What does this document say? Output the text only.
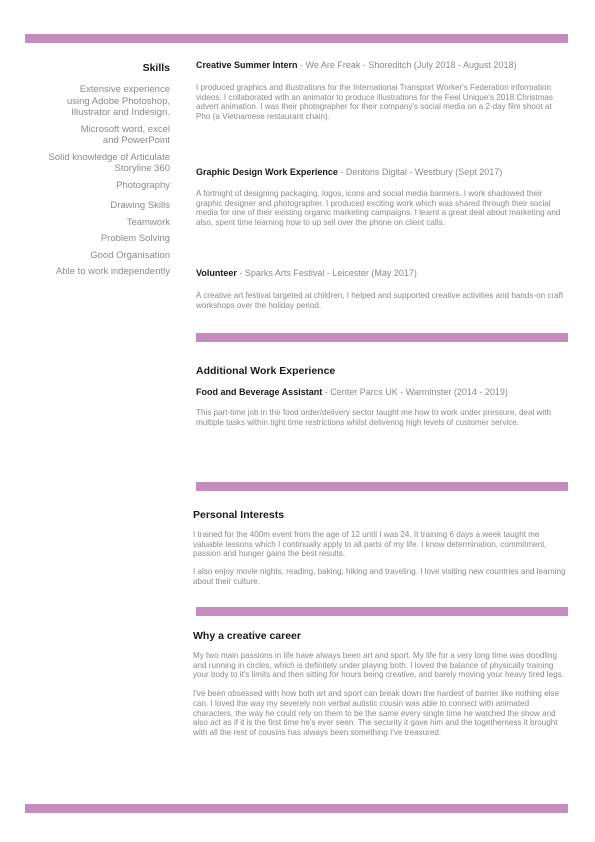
Skills

Extensive experience using Adobe Photoshop, Illustrator and Indesign.

Microsoft word, excel and PowerPoint

Solid knowledge of Articulate Storyline 360

Photography

Drawing Skills

Teamwork

Problem Solving

Good Organisation

Able to work independently

Creative Summer Intern - We Are Freak - Shoreditch (July 2018 - August 2018)

I produced graphics and illustrations for the International Transport Worker's Federation information videos. I collaborated with an animator to produce illustrations for the Feel Unique's 2018 Christmas advert animation. I was their photographer for their company's social media on a 2-day film shoot at Pho (a Vietnamese restaurant chain).

Graphic Design Work Experience - Dentons Digital - Westbury (Sept 2017)

A fortnight of designing packaging, logos, icons and social media banners. I work shadowed their graphic designer and photographer. I produced exciting work which was shared through their social media for one of their existing organic marketing campaigns. I learnt a great deal about marketing and also, spent time learning how to up sell over the phone on client calls.

Volunteer - Sparks Arts Festival - Leicester (May 2017)

A creative art festival targeted at children, I helped and supported creative activities and hands-on craft workshops over the holiday period.

Additional Work Experience

Food and Beverage Assistant - Center Parcs UK - Warminster (2014 - 2019)

This part-time job in the food order/delivery sector taught me how to work under pressure, deal with multiple tasks within tight time restrictions whilst delivering high levels of customer service.

Personal Interests

I trained for the 400m event from the age of 12 until I was 24. It training 6 days a week taught me valuable lessons which I continually apply to all parts of my life. I know determination, commitment, passion and hunger gains the best results.

I also enjoy movie nights, reading, baking, hiking and traveling. I love visiting new countries and learning about their culture.

Why a creative career

My two main passions in life have always been art and sport. My life for a very long time was doodling and running in circles, which is definitely under playing both. I loved the balance of physically training your body to it's limits and then sitting for hours being creative, and barely moving your heavy tired legs.

I've been obsessed with how both art and sport can break down the hardest of barrier like nothing else can. I loved the way my severely non verbal autistic cousin was able to connect with animated characters, the way he could rely on them to be the same every single time he watched the show and also act as if it is the first time he's ever seen. The security it gave him and the togetherness it brought with all the rest of cousins has always been something I've treasured.
